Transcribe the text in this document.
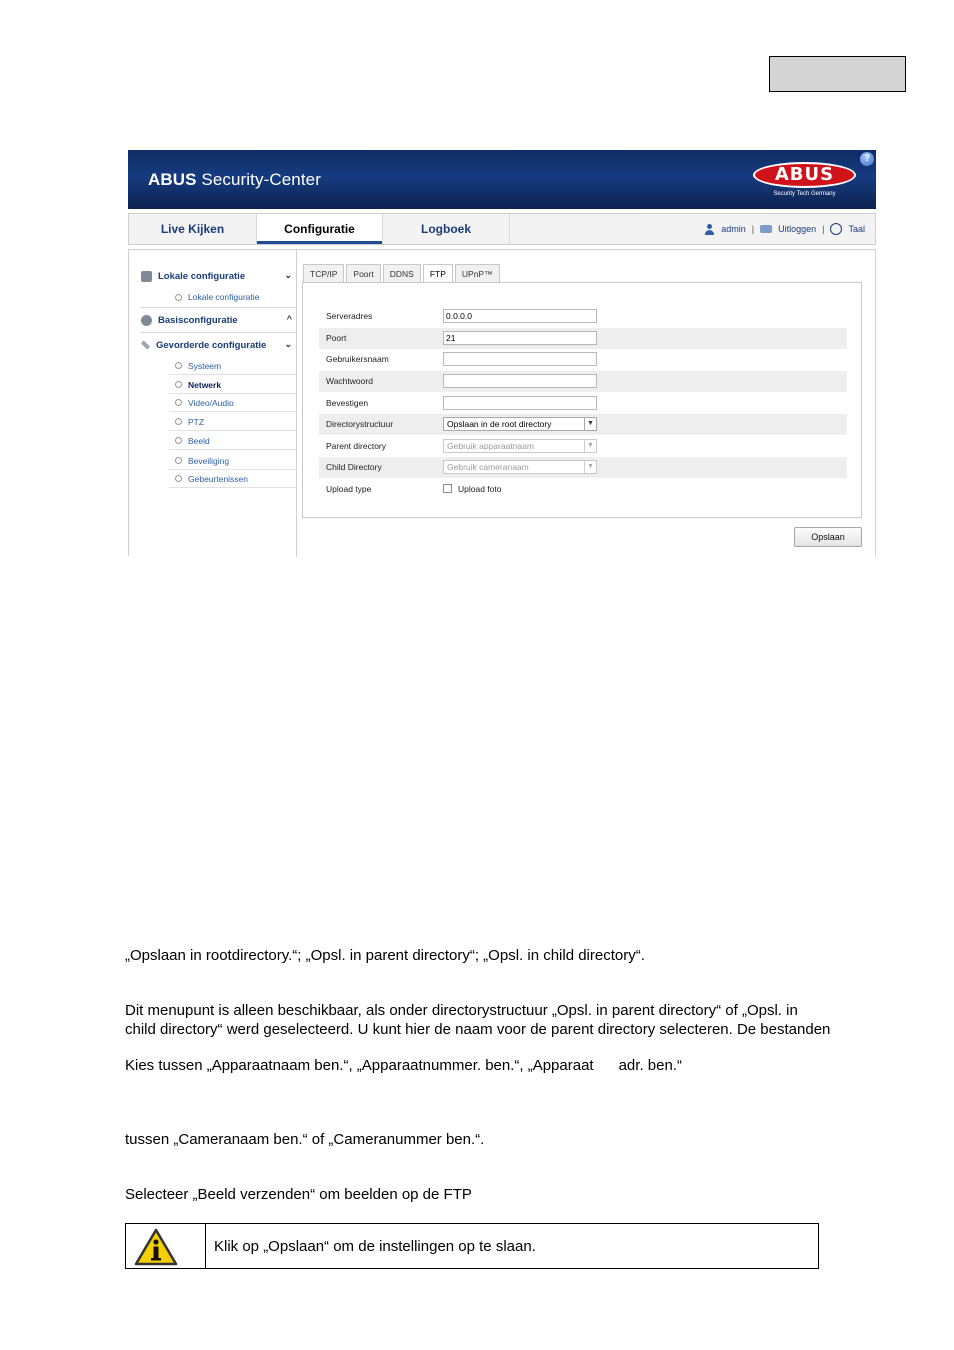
ABUS Security-Center	ABUS
Security Tech Germany
?
Live Kijken	Configuratie	Logboek	admin |	Uitloggen |	Taal
Lokale configuratie	⌄
Lokale configuratie
Basisconfiguratie	^
Gevorderde configuratie ⌄
Systeem
Netwerk
Video/Audio
PTZ
Beeld
Beveiliging
Gebeurtenissen
TCP/IP	Poort	DDNS	FTP	UPnP™
Serveradres	0.0.0.0
Poort	21
Gebruikersnaam
Wachtwoord
Bevestigen
Directorystructuur	Opslaan in de root directory	▼
Parent directory	Gebruik apparaatnaam	▼
Child Directory	Gebruik cameranaam	▼
Upload type	Upload foto
Opslaan
„Opslaan in rootdirectory.“; „Opsl. in parent directory“; „Opsl. in child directory“.
Dit menupunt is alleen beschikbaar, als onder directorystructuur „Opsl. in parent directory“ of „Opsl. in
child directory“ werd geselecteerd. U kunt hier de naam voor de parent directory selecteren. De bestanden
Kies tussen „Apparaatnaam ben.“, „Apparaatnummer. ben.“, „Apparaat      adr. ben.“
tussen „Cameranaam ben.“ of „Cameranummer ben.“.
Selecteer „Beeld verzenden“ om beelden op de FTP
Klik op „Opslaan“ om de instellingen op te slaan.
